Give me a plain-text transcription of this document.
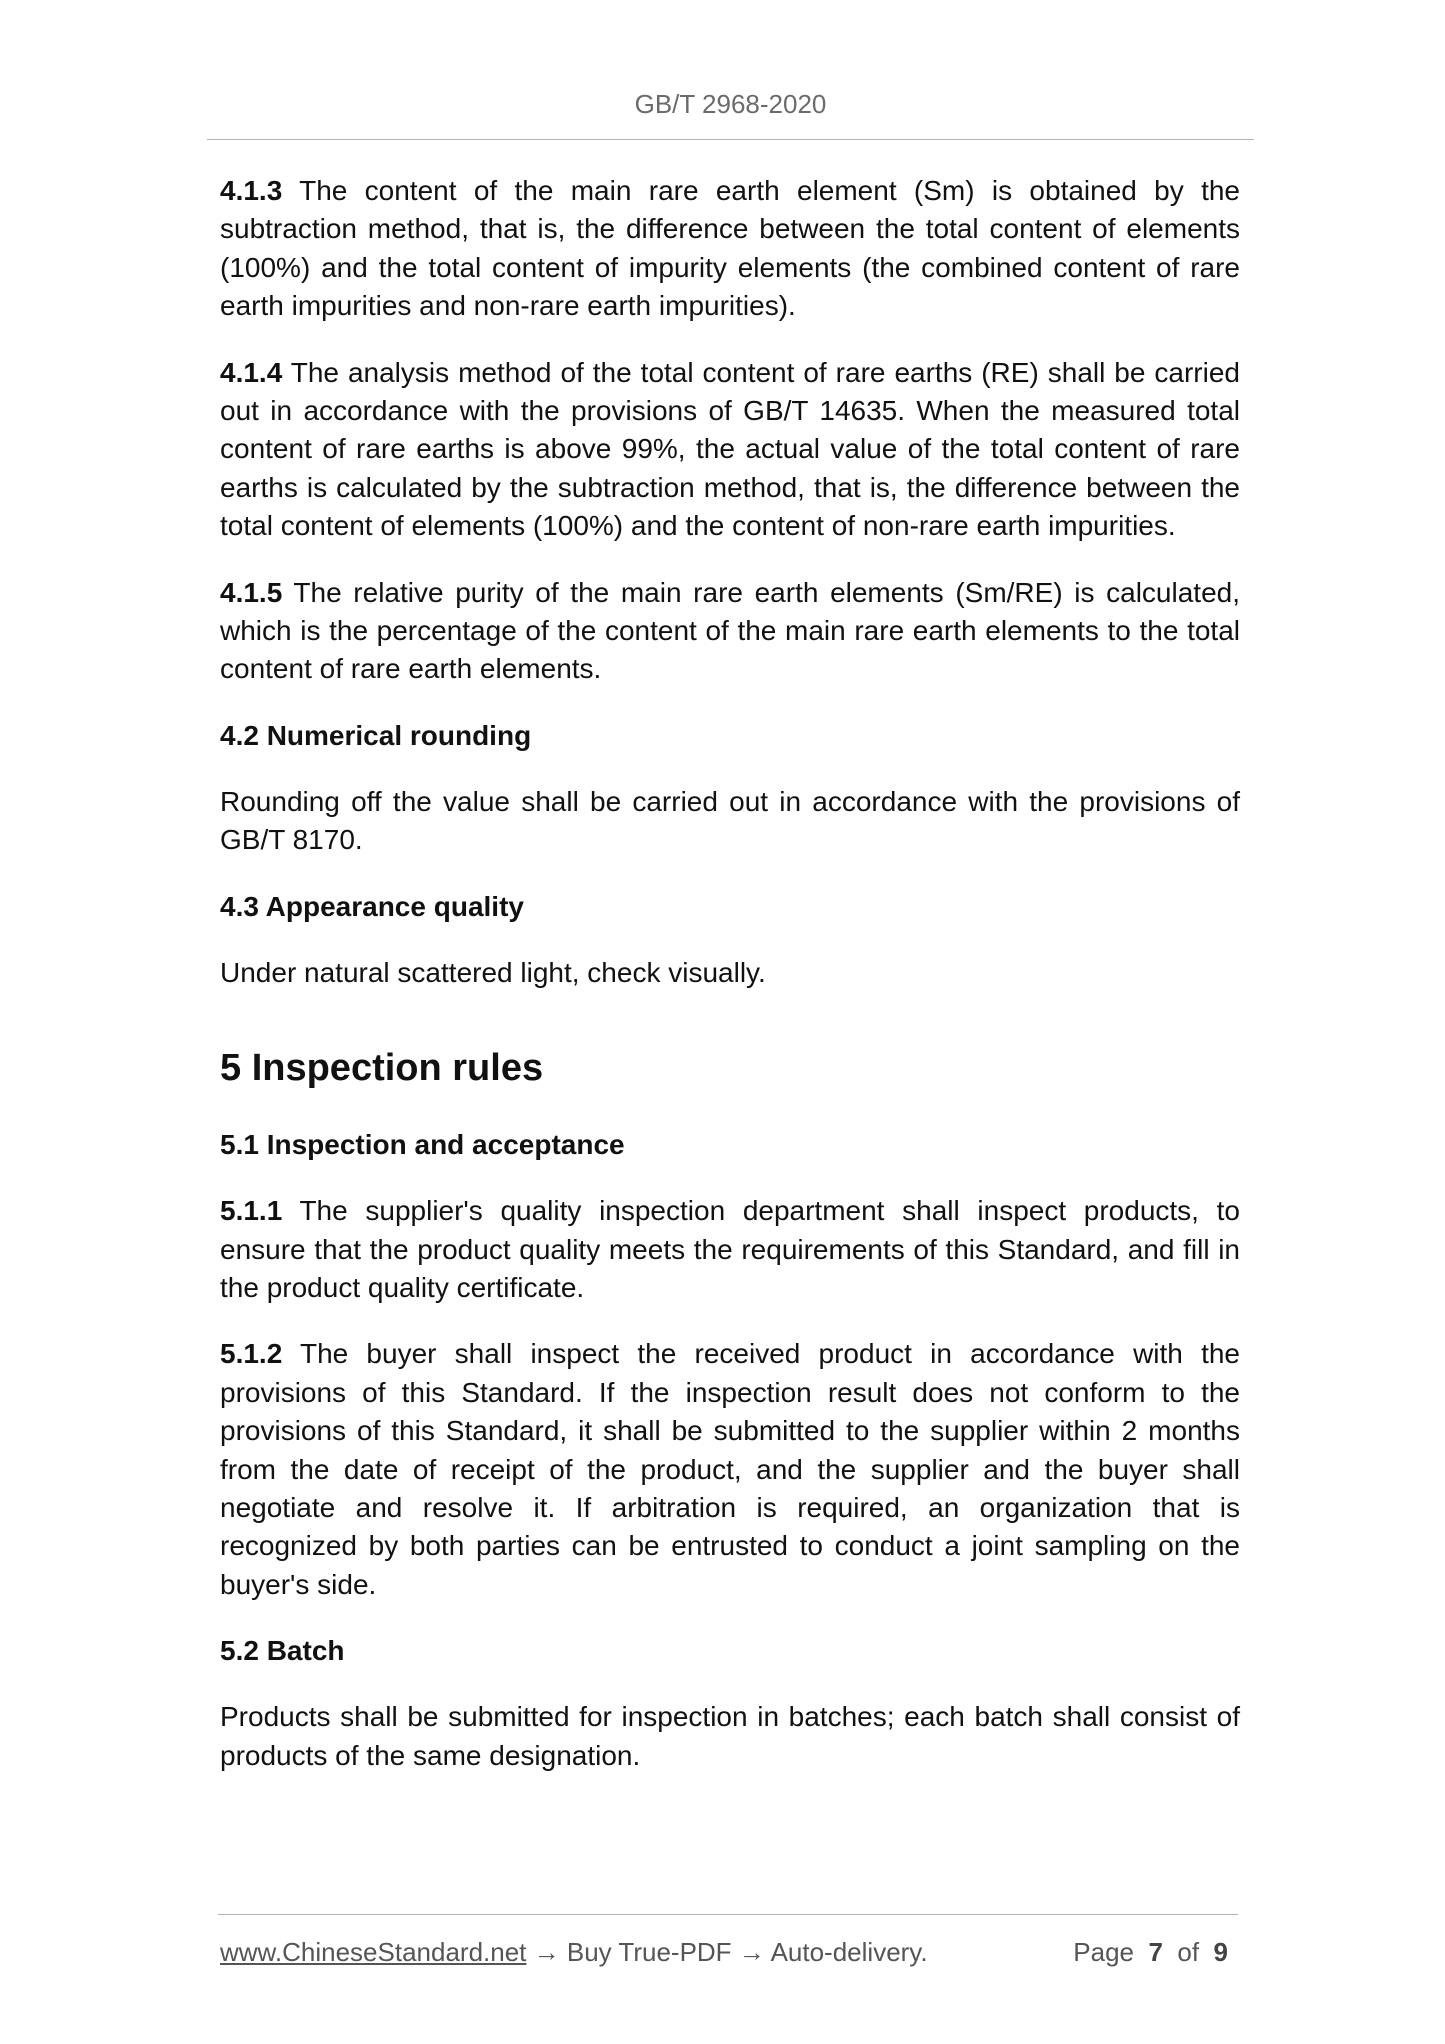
GB/T 2968-2020

4.1.3 The content of the main rare earth element (Sm) is obtained by the subtraction method, that is, the difference between the total content of elements (100%) and the total content of impurity elements (the combined content of rare earth impurities and non-rare earth impurities).

4.1.4 The analysis method of the total content of rare earths (RE) shall be carried out in accordance with the provisions of GB/T 14635. When the measured total content of rare earths is above 99%, the actual value of the total content of rare earths is calculated by the subtraction method, that is, the difference between the total content of elements (100%) and the content of non-rare earth impurities.

4.1.5 The relative purity of the main rare earth elements (Sm/RE) is calculated, which is the percentage of the content of the main rare earth elements to the total content of rare earth elements.

4.2 Numerical rounding

Rounding off the value shall be carried out in accordance with the provisions of GB/T 8170.

4.3 Appearance quality

Under natural scattered light, check visually.

5 Inspection rules
5.1 Inspection and acceptance

5.1.1 The supplier's quality inspection department shall inspect products, to ensure that the product quality meets the requirements of this Standard, and fill in the product quality certificate.

5.1.2 The buyer shall inspect the received product in accordance with the provisions of this Standard. If the inspection result does not conform to the provisions of this Standard, it shall be submitted to the supplier within 2 months from the date of receipt of the product, and the supplier and the buyer shall negotiate and resolve it. If arbitration is required, an organization that is recognized by both parties can be entrusted to conduct a joint sampling on the buyer's side.

5.2 Batch

Products shall be submitted for inspection in batches; each batch shall consist of products of the same designation.

www.ChineseStandard.net → Buy True-PDF → Auto-delivery.	Page 7 of 9
